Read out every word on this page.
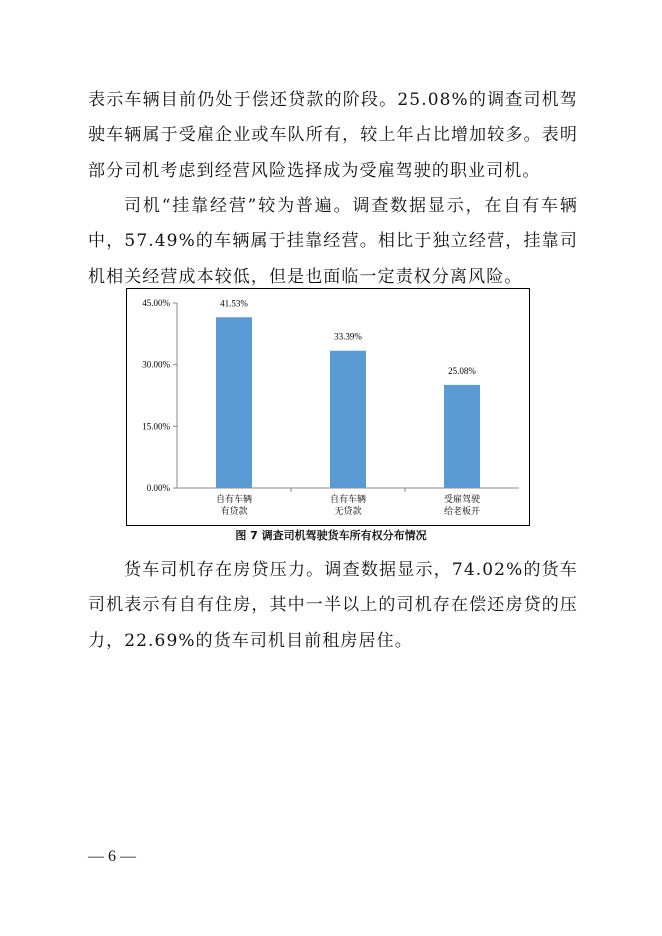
表示车辆目前仍处于偿还贷款的阶段。25.08%的调查司机驾驶车辆属于受雇企业或车队所有，较上年占比增加较多。表明部分司机考虑到经营风险选择成为受雇驾驶的职业司机。

司机“挂靠经营”较为普遍。调查数据显示，在自有车辆中，57.49%的车辆属于挂靠经营。相比于独立经营，挂靠司机相关经营成本较低，但是也面临一定责权分离风险。

0.00%
15.00%
30.00%
45.00%	41.53%
自有车辆
有贷款
33.39%
自有车辆
无贷款
25.08%
受雇驾驶
给老板开
图 7 调查司机驾驶货车所有权分布情况

货车司机存在房贷压力。调查数据显示，74.02%的货车司机表示有自有住房，其中一半以上的司机存在偿还房贷的压力，22.69%的货车司机目前租房居住。

— 6 —
